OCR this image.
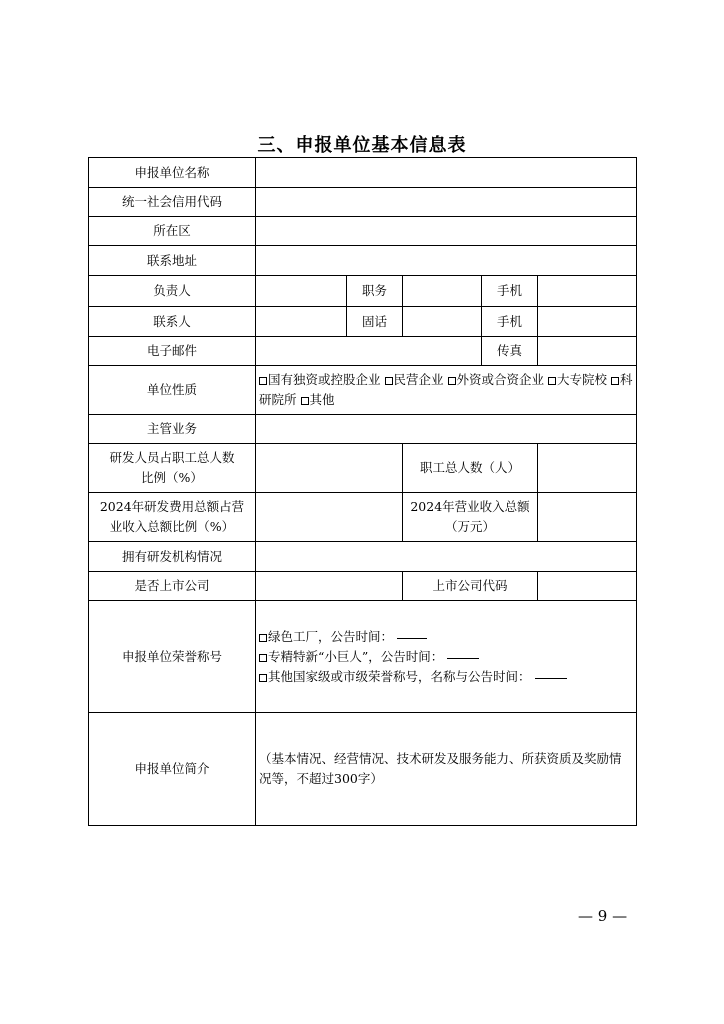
三、申报单位基本信息表
申报单位名称					
统一社会信用代码					
所在区					
联系地址					
负责人		职务		手机	
联系人		固话		手机	
电子邮件				传真	
单位性质	国有独资或控股企业 民营企业 外资或合资企业 大专院校 科研院所 其他				
主管业务					
研发人员占职工总人数
比例（%）			职工总人数（人）		
2024年研发费用总额占营
业收入总额比例（%）			2024年营业收入总额
（万元）		
拥有研发机构情况					
是否上市公司			上市公司代码		
申报单位荣誉称号	绿色工厂，公告时间：
专精特新“小巨人”，公告时间：
其他国家级或市级荣誉称号，名称与公告时间：				

申报单位简介	（基本情况、经营情况、技术研发及服务能力、所获资质及奖励情况等，不超过300字）				
— 9 —
